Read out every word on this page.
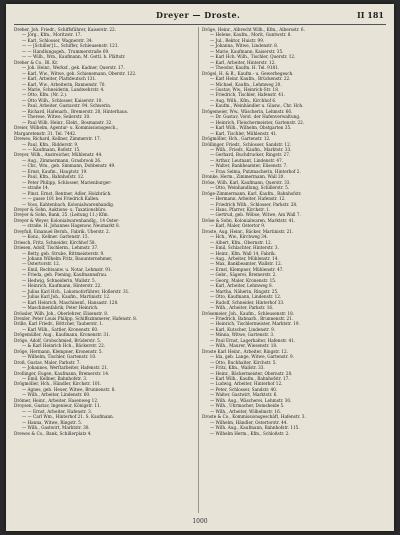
Dreyer — Droste.	II 181
Dreher, Joh. Friedr., Schiffsführer, Kaiserstr. 22.
— Jörg., Kfm., Moritzstr. 17.
— Karl, Schlosser, Wagnerstr. 34.
— — [Schiller] L., Schiffer, Schleusenstr. 121.
— — Handlungsgeh., Trummerstraße 69.
— — Wilh., Wm., Kaufmann, M. Gottl. b. Plättstr.
Dreher & Co., Bl. Kr.
— Joh. Heinr., Werksf., gek. Kadner, Querstr. 17.
— Karl, Ww., Witwe, geb. Schienemann, Oberstr. 122.
— Karl, Arbeiter, Plattdeutsch 131.
— Karl, Ww., Arbeiterin, Bannenstr. 70.
— Marie, Schneiderin, Landwehrstr. 4.
— Otto, Kfm. (Nr. 2.).
— Otto Wilh., Schlosser, Kaiserstr. 10.
— Paul, Arbeiter, Gustavstr. 94. Schwerin.
— Richard, Hafenarb., Bremerstr. 20, Hinterhaus.
— Therese, Witwe, Seilerstr. 30.
— Paul Wilh. Heinr., Elekt., Bosmanstr. 32.
Dreier, Wilhelm, Agentur- u. Kommissionsgesch.,
Margaretenstr. 31. Tel. 7442.
Drewes, Richard, Kellner, Zimmerstr. 17.
— Paul, Kfm., Ridderstr. 9.
— — Kaufmann, Roßstr. 15.
Dreyer, Wilh., Anstreicher, Mühlenstr. 44.
— Aug., Zimmermann, Grasbrook 26.
— Chr., Wm., geb. Simmann, Dobbenstr. 49.
— Ernst, Kaufm., Hauptstr. 19.
— Paul, Kfm., Bahnhofstr. 12.
— Peter Philipp, Schlosser, Marienburger-
— straße 14.
— Pinst. Ernst, Rentner, Adler, Holzbräch.
— — gasse 101 bei Friedrich Kallen.
— Voss, Kahtenbach, Kolonialwarenhandlg.
Dreyer & Sohn, Auktions- u. Taxationsbüro.
Dreyer & Sohn, Bank, 25. (Leitung 11.) Kfm.
Dreyer & Weyer, Kolonialwarenhandlg., 14 Oster-
— straße. H. Johannes Hagenow, Neumarkt 8.
Dreyfuß, Emanuel Bernh., Fabrik. Überstr. 2.
— Konz., Kellner. Gartenstr. 15.
Driesch, Fritz, Schneider, Kirchhof 58.
Driesen, Adolf, Tischlerm., Lehmstr. 37.
— Betty, geb. Strube, Rittmeisterstr. 9.
— Johann Wilhelm Fritz, Bauunternehmer,
— Ostertorstr. 12.
— Emil, Rechtsanw. u. Notar, Lehmstr. 91.
— Frieda, geb. Piening, Kaufmannsfrau.
— Hedwig, Schneiderin, Wallstr. 5.
— Heinrich, Kaufmann, Hinterstr. 22.
— Julius Karl Hch., Lokomotivführer, Hollerstr. 31.
— Julius Karl Joh., Kaufm., Martinistr. 12.
— Karl Heinrich, Maschinenf., Hansastr. 128.
— Maschinenfabrik, Peter Heinrich.
Drössler, Wilh. Joh., Oberlehrer, Elisenstr. 8.
Drexler, Peter Louis Philipp, Schiffszimmerer, Hafenstr. 8.
Drille, Karl Friedr., Böttcher, Tauberstr. 1.
— Karl Wilh., Sattler, Kronenstr. 60.
Drögemüller, Aug., Kaufmann, Kronenstr. 31.
Dröge, Adolf, Grobschmied, Brüderstr. 5.
— & Karl Heinrich Hch., Bäckerstr. 22.
Dröge, Hermann, Klempner, Kronenstr. 5.
— Wilhelm, Tischler, Gartenstr. 10.
Droß, Gustav, Maler, Parkstr. 7.
— Johannes, Werftarbeiter, Hafenstr. 21.
Drollinger, Eugen, Kaufmann, Bremerstr. 14.
— Emil, Kellner, Bahnhofstr. 3.
Drögmöller, Hch., Händler, Kirchstr. 101.
— Agnes, geb. Heuer, Witwe, Brunnenstr. 8.
— Wilh., Arbeiter, Lindenstr. 60.
Drömer, Heinr., Arbeiter, Hasenweg 12.
Droysen, Gustav, Ingenieur, Königstr. 11.
— — Ernst, Arbeiter, Hafenstr. 3.
— — Carl Wm., Hinterhof 21. S. Kaufmann.
— Hanna, Witwe, Ringstr. 5.
— Wilh., Gastwirt, Marktstr. 30.
Drewes & Co., Bank, Schillerplatz 4.
Dröge, Heinr., Albrecht Wilh., Kfm., Albersstr. 6.
— Helene, Kaufm., Morit, Guntwstr. 8.
— Jul., Rektor, Huistr. 99.
— Johanna, Witwe, Lindenstr. 8.
— Marie, Kaufmann. Kaiserstr. 35.
— Karl Hch. Wilh., Tischler, Querstr. 12.
— Karl, Arbeiter, Hinterstr. 12.
— Theodor, Kaufm. H. Tel. 9181.
Drögel, H. & R., Kaufm.- u. Gewerbegesch.
— Karl Heinr. Kaufm., Brückenstr. 22.
— Michael, Kaufm., Lehmweg 20.
— Gustav, Ww., Heinrich-Str. 18.
— Friedrich, Tischler, Hafenstr. 41.
— Aug. Wilh., Kfm., Kirchhof 6.
— Kaufm., Weinhändler u. Glasw., Chr. Hch.
Drögemeier, Ww., Wäscherin, Lehmstr. 66.
— Dr. Gustav, Vorst. der Hafenverwaltung.
— Heinrich, Fleischermeister, Gartenstr. 22.
— Karl Wilh., Wilhelm, Obstgarten 35.
— Karl, Tischler, Mühlenstr. 41.
Drögmöller, Hch., Gartenstr. 12.
Dröllinger, Friedr., Schlosser, Sandstr. 12.
— Wilh., Friedr., Kaufm., Marktstr. 33.
— Gerhard, Buchdrucker, Ringstr. 27.
— Arthur, Leutnant, Lindenstr. 47.
— Walter, Bankbeamter, Elisenstr. 7.
— Frau Selma, Putzmacherin, Hinterhof 2.
Dronke, Herm., Zimmermann, Wall 20.
Dröse, Wilh. Karl, Kaufmann, Querstr. 33.
— Otto, Weinhandlung, Schillerstr. 5.
Dröge-Zimmermann, Karl, Kaufm., Bahnhofstr.
— Hermann, Arbeiter, Hafenstr. 12.
— Friedrich Wilh., Schlosser, Parkstr. 28.
— Hans, Pfarrer, Kirchstr. 1.
— Gertrud, geb. Wöbse, Witwe, Am Wall 7.
Dröse & Sohn, Kolonialwaren, Marktstr. 41.
— Karl, Maler, Ostertor 9.
Droste, Aug. Heinr., Bäcker, Martinistr. 21.
— Hch., Ww., Kirchweg 34.
— Albert, Kfm., Obernstr. 12.
— Emil, Schlachter, Hinterstr. 3.
— Heinr., Kfm. Wall 14, Fabrik.
— Aug., Arbeiter, Mühlenstr. 14.
— Max, Bankbeamter, Wallstr. 12.
— Ernst, Klempner, Mühlenstr. 47.
— Gebr., Sägerei, Bremerstr. 2.
— Georg, Maler, Kronenstr. 15.
— Karl, Arbeiter, Lehmweg 8.
— Martha, Näherin, Ringstr. 25.
— Otto, Kaufmann, Lindenstr. 12.
— Rudolf, Schneider, Hinterhof 33.
— Wilh., Arbeiter, Parkstr. 16.
Drösemeier, Joh., Kaufm., Schleusenstr. 18.
— Friedrich, Bahnarb., Brunnenstr. 21.
— Heinrich, Tischlermeister, Marktstr. 19.
— Karl, Kutscher, Lindenstr. 9.
— Minna, Witwe, Gartenstr. 3.
— Paul Ernst, Lagerhalter, Hafenstr. 41.
— Wilh., Maurer, Wiesenstr. 18.
Droste Karl Heinr., Arbeiter, Ringstr. 12.
— Ida, geb. Lange, Witwe, Gartenstr. 9.
— Otto, Buchhalter, Kirchstr. 5.
— Fritz, Kfm., Wallstr. 33.
— Heinr., Bäckermeister, Obernstr. 28.
— Karl Wilh., Kaufm., Bahnhofstr. 17.
— Ludwig, Arbeiter, Hinterhof 12.
— Peter, Schlosser, Sandstr. 40.
— Walter, Gastwirt, Marktstr. 6.
— Wilh. Aug., Wäscherei, Lehmstr. 30.
— Wilh., Uhrmacher, Domsheide 5.
— Wilh., Arbeiter, Wilhelmstr. 16.
Droste & Co., Kommissionsgeschäft, Hafenstr. 3.
— Wilhelm, Händler, Ostertorstr. 44.
— Wilh. Aug., Kaufmann, Bahnhofstr. 115.
— Wilhelm Herm., Kfm., Schloßstr. 2.
1000
